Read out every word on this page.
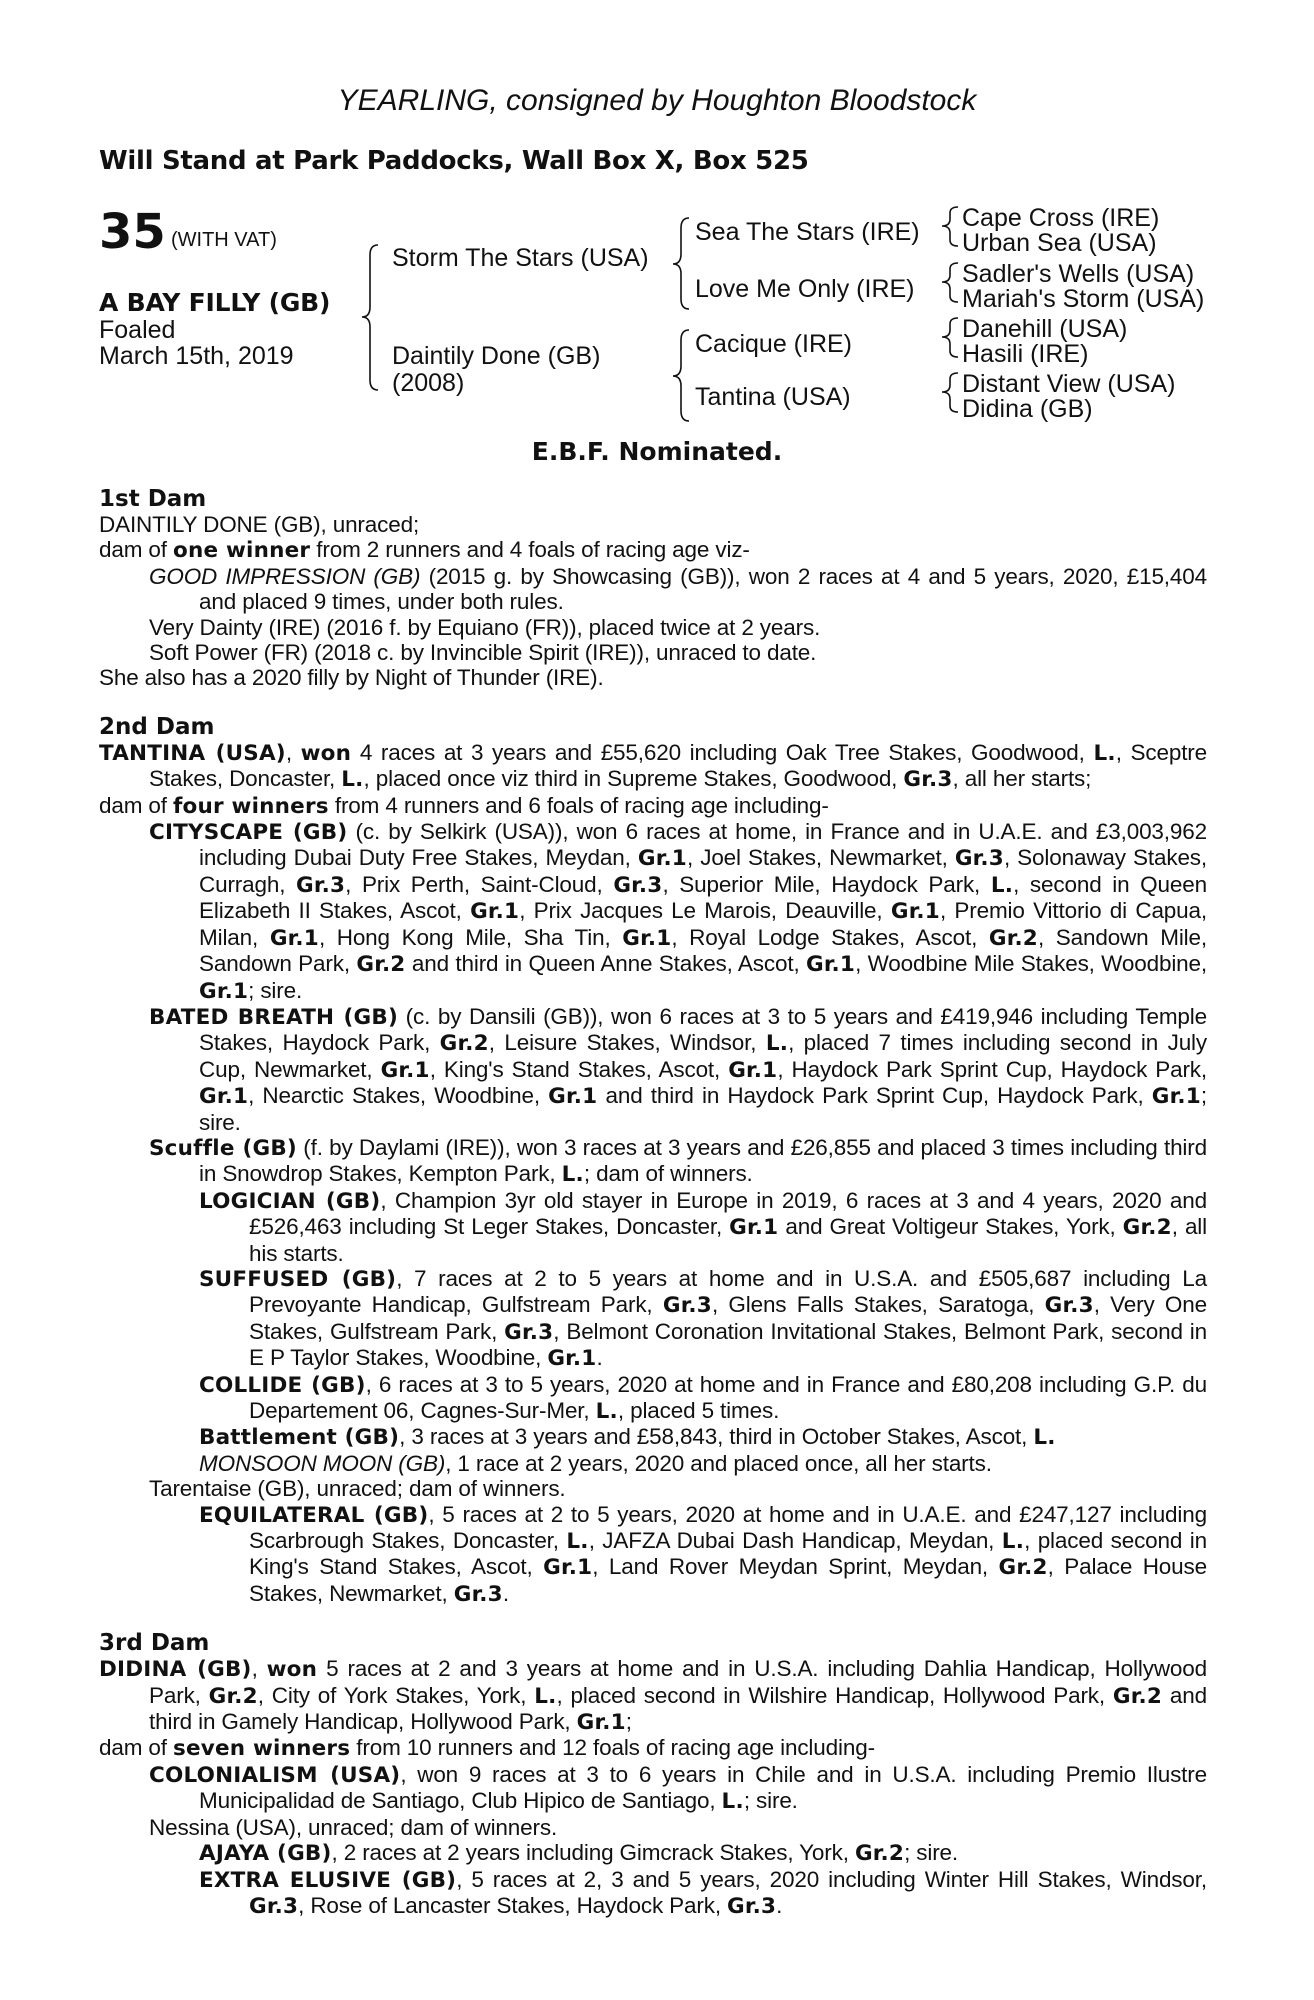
YEARLING, consigned by Houghton Bloodstock
Will Stand at Park Paddocks, Wall Box X, Box 525
35 (WITH VAT)
A BAY FILLY (GB)
Foaled
March 15th, 2019
Storm The Stars (USA)
Daintily Done (GB)
(2008)
Sea The Stars (IRE)
Love Me Only (IRE)
Cacique (IRE)
Tantina (USA)
Cape Cross (IRE)
Urban Sea (USA)
Sadler's Wells (USA)
Mariah's Storm (USA)
Danehill (USA)
Hasili (IRE)
Distant View (USA)
Didina (GB)
E.B.F. Nominated.

1st Dam

DAINTILY DONE (GB), unraced;

dam of one winner from 2 runners and 4 foals of racing age viz-

GOOD IMPRESSION (GB) (2015 g. by Showcasing (GB)), won 2 races at 4 and 5 years, 2020, £15,404 and placed 9 times, under both rules.

Very Dainty (IRE) (2016 f. by Equiano (FR)), placed twice at 2 years.

Soft Power (FR) (2018 c. by Invincible Spirit (IRE)), unraced to date.

She also has a 2020 filly by Night of Thunder (IRE).

2nd Dam

TANTINA (USA), won 4 races at 3 years and £55,620 including Oak Tree Stakes, Goodwood, L., Sceptre Stakes, Doncaster, L., placed once viz third in Supreme Stakes, Goodwood, Gr.3, all her starts;

dam of four winners from 4 runners and 6 foals of racing age including-

CITYSCAPE (GB) (c. by Selkirk (USA)), won 6 races at home, in France and in U.A.E. and £3,003,962 including Dubai Duty Free Stakes, Meydan, Gr.1, Joel Stakes, Newmarket, Gr.3, Solonaway Stakes, Curragh, Gr.3, Prix Perth, Saint-Cloud, Gr.3, Superior Mile, Haydock Park, L., second in Queen Elizabeth II Stakes, Ascot, Gr.1, Prix Jacques Le Marois, Deauville, Gr.1, Premio Vittorio di Capua, Milan, Gr.1, Hong Kong Mile, Sha Tin, Gr.1, Royal Lodge Stakes, Ascot, Gr.2, Sandown Mile, Sandown Park, Gr.2 and third in Queen Anne Stakes, Ascot, Gr.1, Woodbine Mile Stakes, Woodbine, Gr.1; sire.

BATED BREATH (GB) (c. by Dansili (GB)), won 6 races at 3 to 5 years and £419,946 including Temple Stakes, Haydock Park, Gr.2, Leisure Stakes, Windsor, L., placed 7 times including second in July Cup, Newmarket, Gr.1, King's Stand Stakes, Ascot, Gr.1, Haydock Park Sprint Cup, Haydock Park, Gr.1, Nearctic Stakes, Woodbine, Gr.1 and third in Haydock Park Sprint Cup, Haydock Park, Gr.1; sire.

Scuffle (GB) (f. by Daylami (IRE)), won 3 races at 3 years and £26,855 and placed 3 times including third in Snowdrop Stakes, Kempton Park, L.; dam of winners.

LOGICIAN (GB), Champion 3yr old stayer in Europe in 2019, 6 races at 3 and 4 years, 2020 and £526,463 including St Leger Stakes, Doncaster, Gr.1 and Great Voltigeur Stakes, York, Gr.2, all his starts.

SUFFUSED (GB), 7 races at 2 to 5 years at home and in U.S.A. and £505,687 including La Prevoyante Handicap, Gulfstream Park, Gr.3, Glens Falls Stakes, Saratoga, Gr.3, Very One Stakes, Gulfstream Park, Gr.3, Belmont Coronation Invitational Stakes, Belmont Park, second in E P Taylor Stakes, Woodbine, Gr.1.

COLLIDE (GB), 6 races at 3 to 5 years, 2020 at home and in France and £80,208 including G.P. du Departement 06, Cagnes-Sur-Mer, L., placed 5 times.

Battlement (GB), 3 races at 3 years and £58,843, third in October Stakes, Ascot, L.

MONSOON MOON (GB), 1 race at 2 years, 2020 and placed once, all her starts.

Tarentaise (GB), unraced; dam of winners.

EQUILATERAL (GB), 5 races at 2 to 5 years, 2020 at home and in U.A.E. and £247,127 including Scarbrough Stakes, Doncaster, L., JAFZA Dubai Dash Handicap, Meydan, L., placed second in King's Stand Stakes, Ascot, Gr.1, Land Rover Meydan Sprint, Meydan, Gr.2, Palace House Stakes, Newmarket, Gr.3.

3rd Dam

DIDINA (GB), won 5 races at 2 and 3 years at home and in U.S.A. including Dahlia Handicap, Hollywood Park, Gr.2, City of York Stakes, York, L., placed second in Wilshire Handicap, Hollywood Park, Gr.2 and third in Gamely Handicap, Hollywood Park, Gr.1;

dam of seven winners from 10 runners and 12 foals of racing age including-

COLONIALISM (USA), won 9 races at 3 to 6 years in Chile and in U.S.A. including Premio Ilustre Municipalidad de Santiago, Club Hipico de Santiago, L.; sire.

Nessina (USA), unraced; dam of winners.

AJAYA (GB), 2 races at 2 years including Gimcrack Stakes, York, Gr.2; sire.

EXTRA ELUSIVE (GB), 5 races at 2, 3 and 5 years, 2020 including Winter Hill Stakes, Windsor, Gr.3, Rose of Lancaster Stakes, Haydock Park, Gr.3.
